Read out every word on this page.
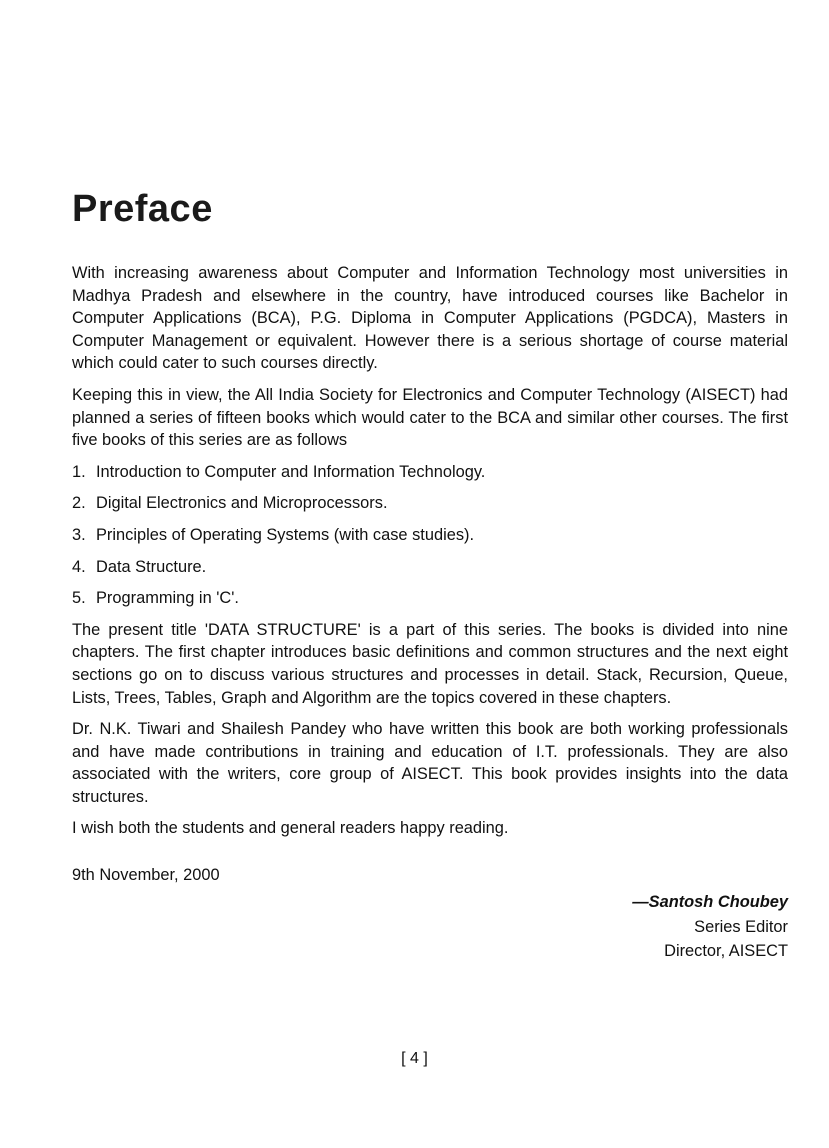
Preface

With increasing awareness about Computer and Information Technology most universities in Madhya Pradesh and elsewhere in the country, have introduced courses like Bachelor in Computer Applications (BCA), P.G. Diploma in Computer Applications (PGDCA), Masters in Computer Management or equivalent. However there is a serious shortage of course material which could cater to such courses directly.

Keeping this in view, the All India Society for Electronics and Computer Technology (AISECT) had planned a series of fifteen books which would cater to the BCA and similar other courses. The first five books of this series are as follows

1. Introduction to Computer and Information Technology.
2. Digital Electronics and Microprocessors.
3. Principles of Operating Systems (with case studies).
4. Data Structure.
5. Programming in 'C'.

The present title 'DATA STRUCTURE' is a part of this series. The books is divided into nine chapters. The first chapter introduces basic definitions and common structures and the next eight sections go on to discuss various structures and processes in detail. Stack, Recursion, Queue, Lists, Trees, Tables, Graph and Algorithm are the topics covered in these chapters.

Dr. N.K. Tiwari and Shailesh Pandey who have written this book are both working professionals and have made contributions in training and education of I.T. professionals. They are also associated with the writers, core group of AISECT. This book provides insights into the data structures.

I wish both the students and general readers happy reading.

9th November, 2000
—Santosh Choubey
Series Editor
Director, AISECT
[ 4 ]
